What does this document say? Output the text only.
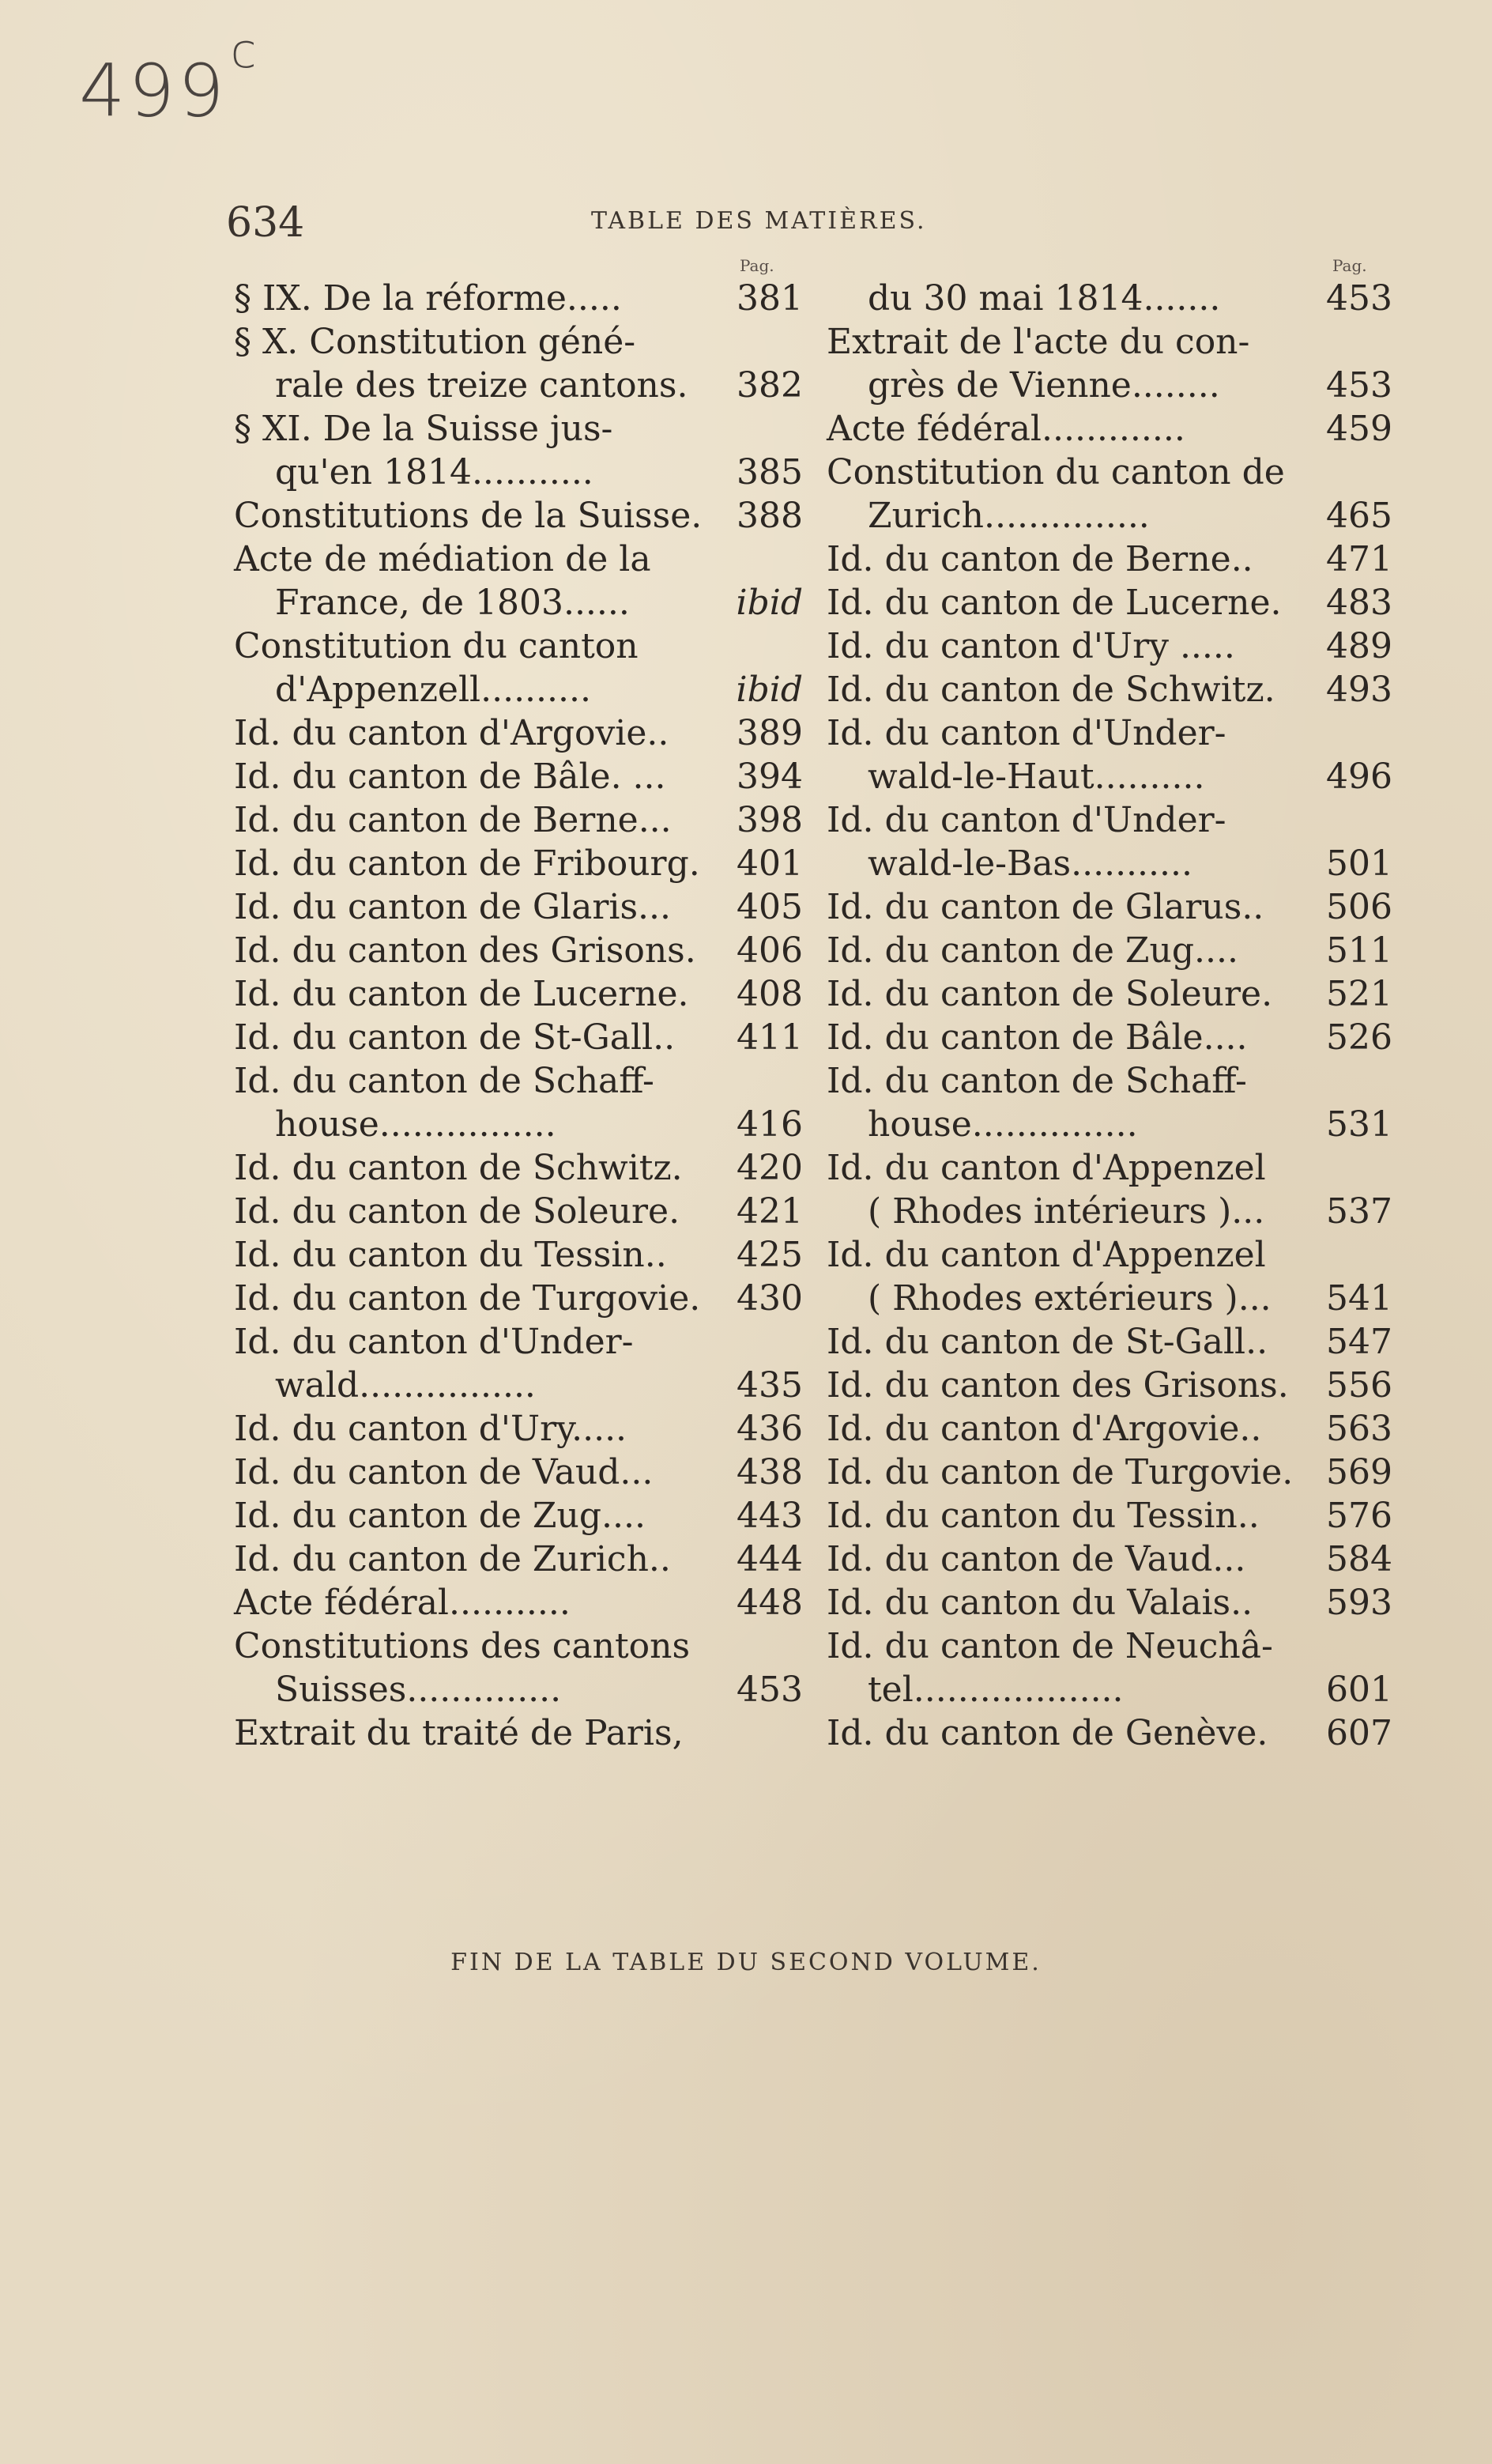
499$^c$
634	TABLE DES MATIÈRES.
Pag.	Pag.
§ IX. De la réforme.....	381
§ X. Constitution géné-
rale des treize cantons. 382
§ XI. De la Suisse jus-
qu'en 1814...........	385
Constitutions de la Suisse. 388
Acte de médiation de la
France, de 1803......	ibid
Constitution du canton
d'Appenzell..........	ibid
Id. du canton d'Argovie.. 389
Id. du canton de Bâle. ... 394
Id. du canton de Berne... 398
Id. du canton de Fribourg. 401
Id. du canton de Glaris... 405
Id. du canton des Grisons. 406
Id. du canton de Lucerne. 408
Id. du canton de St-Gall.. 411
Id. du canton de Schaff-
house................	416
Id. du canton de Schwitz. 420
Id. du canton de Soleure. 421
Id. du canton du Tessin.. 425
Id. du canton de Turgovie. 430
Id. du canton d'Under-
wald................	435
Id. du canton d'Ury.....	436
Id. du canton de Vaud... 438
Id. du canton de Zug....	443
Id. du canton de Zurich.. 444
Acte fédéral...........	448
Constitutions des cantons
Suisses..............	453
Extrait du traité de Paris,
du 30 mai 1814.......	453
Extrait de l'acte du con-
grès de Vienne........	453
Acte fédéral.............	459
Constitution du canton de
Zurich...............	465
Id. du canton de Berne.. 471
Id. du canton de Lucerne. 483
Id. du canton d'Ury .....	489
Id. du canton de Schwitz. 493
Id. du canton d'Under-
wald-le-Haut..........	496
Id. du canton d'Under-
wald-le-Bas...........	501
Id. du canton de Glarus.. 506
Id. du canton de Zug....	511
Id. du canton de Soleure. 521
Id. du canton de Bâle.... 526
Id. du canton de Schaff-
house...............	531
Id. du canton d'Appenzel
( Rhodes intérieurs )... 537
Id. du canton d'Appenzel
( Rhodes extérieurs )... 541
Id. du canton de St-Gall.. 547
Id. du canton des Grisons. 556
Id. du canton d'Argovie.. 563
Id. du canton de Turgovie. 569
Id. du canton du Tessin.. 576
Id. du canton de Vaud... 584
Id. du canton du Valais.. 593
Id. du canton de Neuchâ-
tel...................	601
Id. du canton de Genève. 607
FIN DE LA TABLE DU SECOND VOLUME.
